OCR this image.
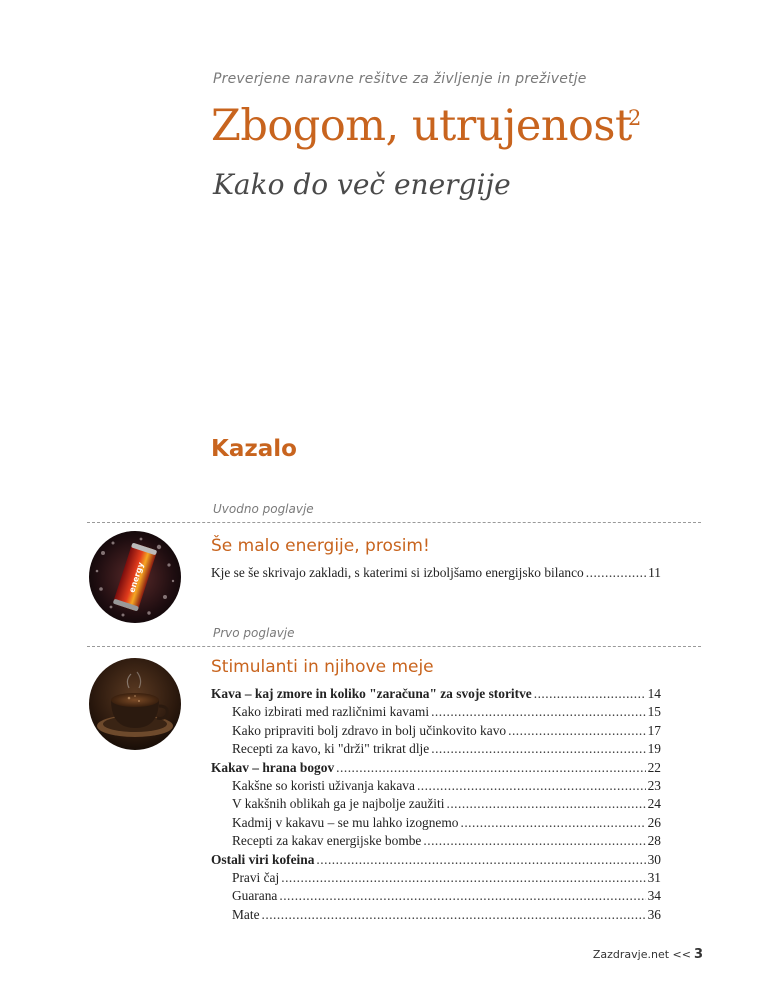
Preverjene naravne rešitve za življenje in preživetje
Zbogom, utrujenost
2
Kako do več energije
Kazalo
Uvodno poglavje
energy
Še malo energije, prosim!
Kje se še skrivajo zakladi, s katerimi si izboljšamo energijsko bilanco .....	11
Prvo poglavje
Stimulanti in njihove meje
Kava – kaj zmore in koliko "zaračuna" za svoje storitve .....	14
Kako izbirati med različnimi kavami .....	15
Kako pripraviti bolj zdravo in bolj učinkovito kavo .....	17
Recepti za kavo, ki "drži" trikrat dlje .....	19
Kakav – hrana bogov .....	22
Kakšne so koristi uživanja kakava .....	23
V kakšnih oblikah ga je najbolje zaužiti .....	24
Kadmij v kakavu – se mu lahko izognemo .....	26
Recepti za kakav energijske bombe .....	28
Ostali viri kofeina .....	30
Pravi čaj .....	31
Guarana .....	34
Mate .....	36
Zazdravje.net << 3
